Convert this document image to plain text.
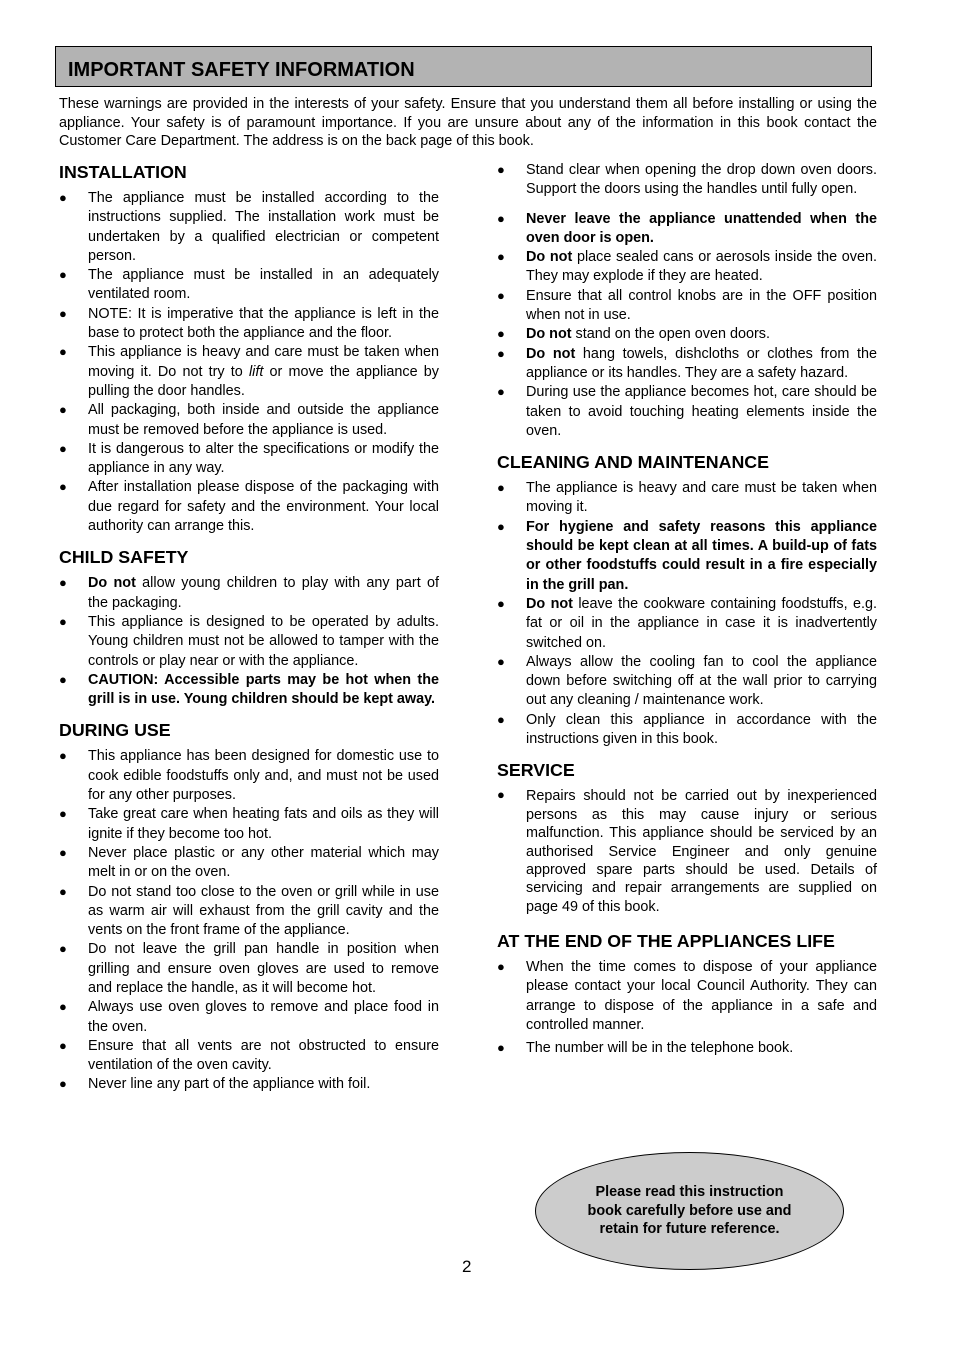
IMPORTANT SAFETY INFORMATION
These warnings are provided in the interests of your safety. Ensure that you understand them all before installing or using the appliance. Your safety is of paramount importance. If you are unsure about any of the information in this book contact the Customer Care Department. The address is on the back page of this book.
INSTALLATION
● The appliance must be installed according to the instructions supplied. The installation work must be undertaken by a qualified electrician or competent person.
● The appliance must be installed in an adequately ventilated room.
● NOTE: It is imperative that the appliance is left in the base to protect both the appliance and the floor.
● This appliance is heavy and care must be taken when moving it. Do not try to lift or move the appliance by pulling the door handles.
● All packaging, both inside and outside the appliance must be removed before the appliance is used.
● It is dangerous to alter the specifications or modify the appliance in any way.
● After installation please dispose of the packaging with due regard for safety and the environment. Your local authority can arrange this.
CHILD SAFETY
● Do not allow young children to play with any part of the packaging.
● This appliance is designed to be operated by adults. Young children must not be allowed to tamper with the controls or play near or with the appliance.
● CAUTION: Accessible parts may be hot when the grill is in use. Young children should be kept away.
DURING USE
● This appliance has been designed for domestic use to cook edible foodstuffs only and, and must not be used for any other purposes.
● Take great care when heating fats and oils as they will ignite if they become too hot.
● Never place plastic or any other material which may melt in or on the oven.
● Do not stand too close to the oven or grill while in use as warm air will exhaust from the grill cavity and the vents on the front frame of the appliance.
● Do not leave the grill pan handle in position when grilling and ensure oven gloves are used to remove and replace the handle, as it will become hot.
● Always use oven gloves to remove and place food in the oven.
● Ensure that all vents are not obstructed to ensure ventilation of the oven cavity.
● Never line any part of the appliance with foil.
● Stand clear when opening the drop down oven doors. Support the doors using the handles until fully open.
● Never leave the appliance unattended when the oven door is open.
● Do not place sealed cans or aerosols inside the oven. They may explode if they are heated.
● Ensure that all control knobs are in the OFF position when not in use.
● Do not stand on the open oven doors.
● Do not hang towels, dishcloths or clothes from the appliance or its handles. They are a safety hazard.
● During use the appliance becomes hot, care should be taken to avoid touching heating elements inside the oven.
CLEANING AND MAINTENANCE
● The appliance is heavy and care must be taken when moving it.
● For hygiene and safety reasons this appliance should be kept clean at all times. A build-up of fats or other foodstuffs could result in a fire especially in the grill pan.
● Do not leave the cookware containing foodstuffs, e.g. fat or oil in the appliance in case it is inadvertently switched on.
● Always allow the cooling fan to cool the appliance down before switching off at the wall prior to carrying out any cleaning / maintenance work.
● Only clean this appliance in accordance with the instructions given in this book.
SERVICE
● Repairs should not be carried out by inexperienced persons as this may cause injury or serious malfunction. This appliance should be serviced by an authorised Service Engineer and only genuine approved spare parts should be used. Details of servicing and repair arrangements are supplied on page 49 of this book.
AT THE END OF THE APPLIANCES LIFE
● When the time comes to dispose of your appliance please contact your local Council Authority. They can arrange to dispose of the appliance in a safe and controlled manner.
● The number will be in the telephone book.
Please read this instruction book carefully before use and retain for future reference.
2
